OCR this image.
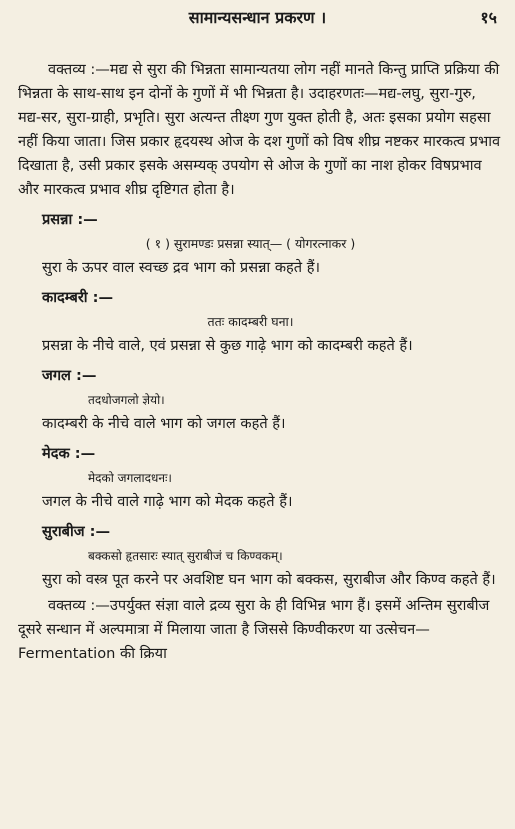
सामान्यसन्धान प्रकरण ।	१५

वक्तव्य :—मद्य से सुरा की भिन्नता सामान्यतया लोग नहीं मानते किन्तु प्राप्ति प्रक्रिया की भिन्नता के साथ-साथ इन दोनों के गुणों में भी भिन्नता है। उदाहरणतः—मद्य-लघु, सुरा-गुरु, मद्य-सर, सुरा-ग्राही, प्रभृति। सुरा अत्यन्त तीक्ष्ण गुण युक्त होती है, अतः इसका प्रयोग सहसा नहीं किया जाता। जिस प्रकार हृदयस्थ ओज के दश गुणों को विष शीघ्र नष्टकर मारकत्व प्रभाव दिखाता है, उसी प्रकार इसके असम्यक् उपयोग से ओज के गुणों का नाश होकर विषप्रभाव और मारकत्व प्रभाव शीघ्र दृष्टिगत होता है।

प्रसन्ना :—

( १ ) सुरामण्डः प्रसन्ना स्यात्— ( योगरत्नाकर )

सुरा के ऊपर वाल स्वच्छ द्रव भाग को प्रसन्ना कहते हैं।

कादम्बरी :—

ततः कादम्बरी घना।

प्रसन्ना के नीचे वाले, एवं प्रसन्ना से कुछ गाढ़े भाग को कादम्बरी कहते हैं।

जगल :—

तदधोजगलो ज्ञेयो।

कादम्बरी के नीचे वाले भाग को जगल कहते हैं।

मेदक :—

मेदको जगलादधनः।

जगल के नीचे वाले गाढ़े भाग को मेदक कहते हैं।

सुराबीज :—

बक्कसो हृतसारः स्यात् सुराबीजं च किण्वकम्।

सुरा को वस्त्र पूत करने पर अवशिष्ट घन भाग को बक्कस, सुराबीज और किण्व कहते हैं।

वक्तव्य :—उपर्युक्त संज्ञा वाले द्रव्य सुरा के ही विभिन्न भाग हैं। इसमें अन्तिम सुराबीज दूसरे सन्धान में अल्पमात्रा में मिलाया जाता है जिससे किण्वीकरण या उत्सेचन—Fermentation की क्रिया
